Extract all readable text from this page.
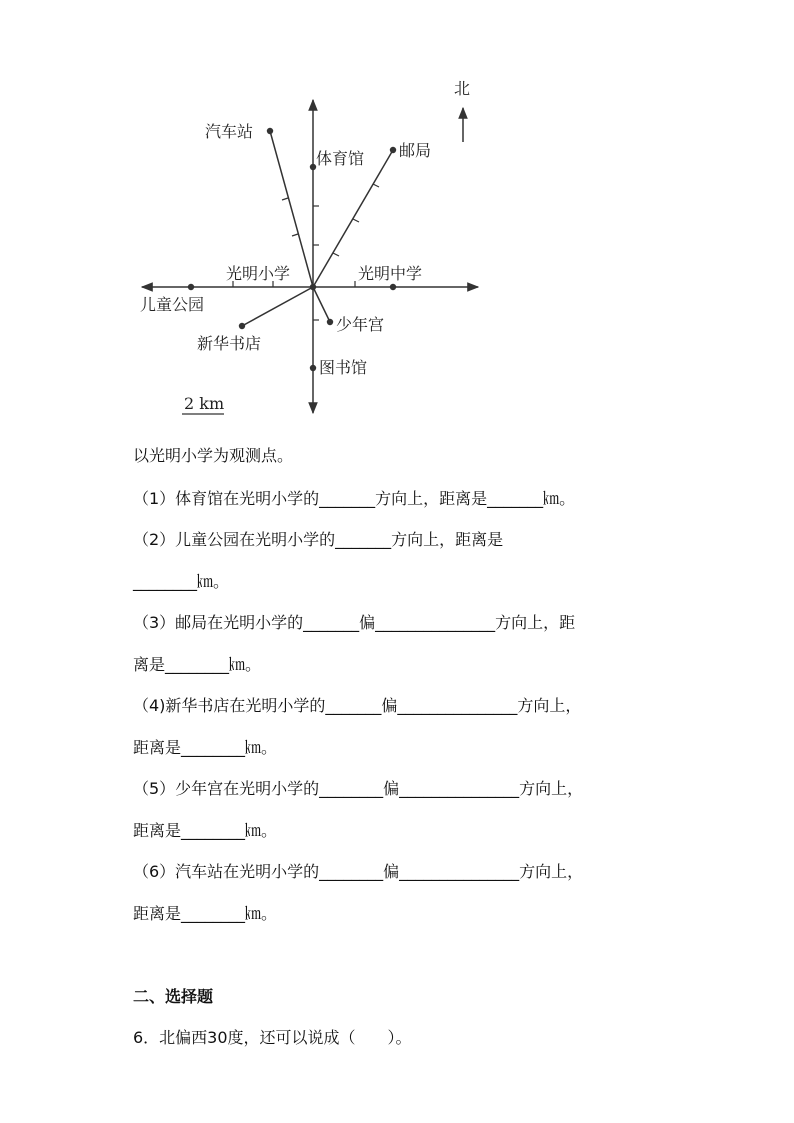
北
汽车站
体育馆 邮局
光明小学	光明中学
儿童公园
少年宫
新华书店
图书馆
2 km
以光明小学为观测点。
（1）体育馆在光明小学的_______方向上，距离是_______㎞。
（2）儿童公园在光明小学的_______方向上，距离是
________㎞。
（3）邮局在光明小学的_______偏_______________方向上，距
离是________㎞。
（4)新华书店在光明小学的_______偏_______________方向上，
距离是________㎞。
（5）少年宫在光明小学的________偏_______________方向上，
距离是________㎞。
（6）汽车站在光明小学的________偏_______________方向上，
距离是________㎞。
二、选择题
6．北偏西30度，还可以说成（　　）。
